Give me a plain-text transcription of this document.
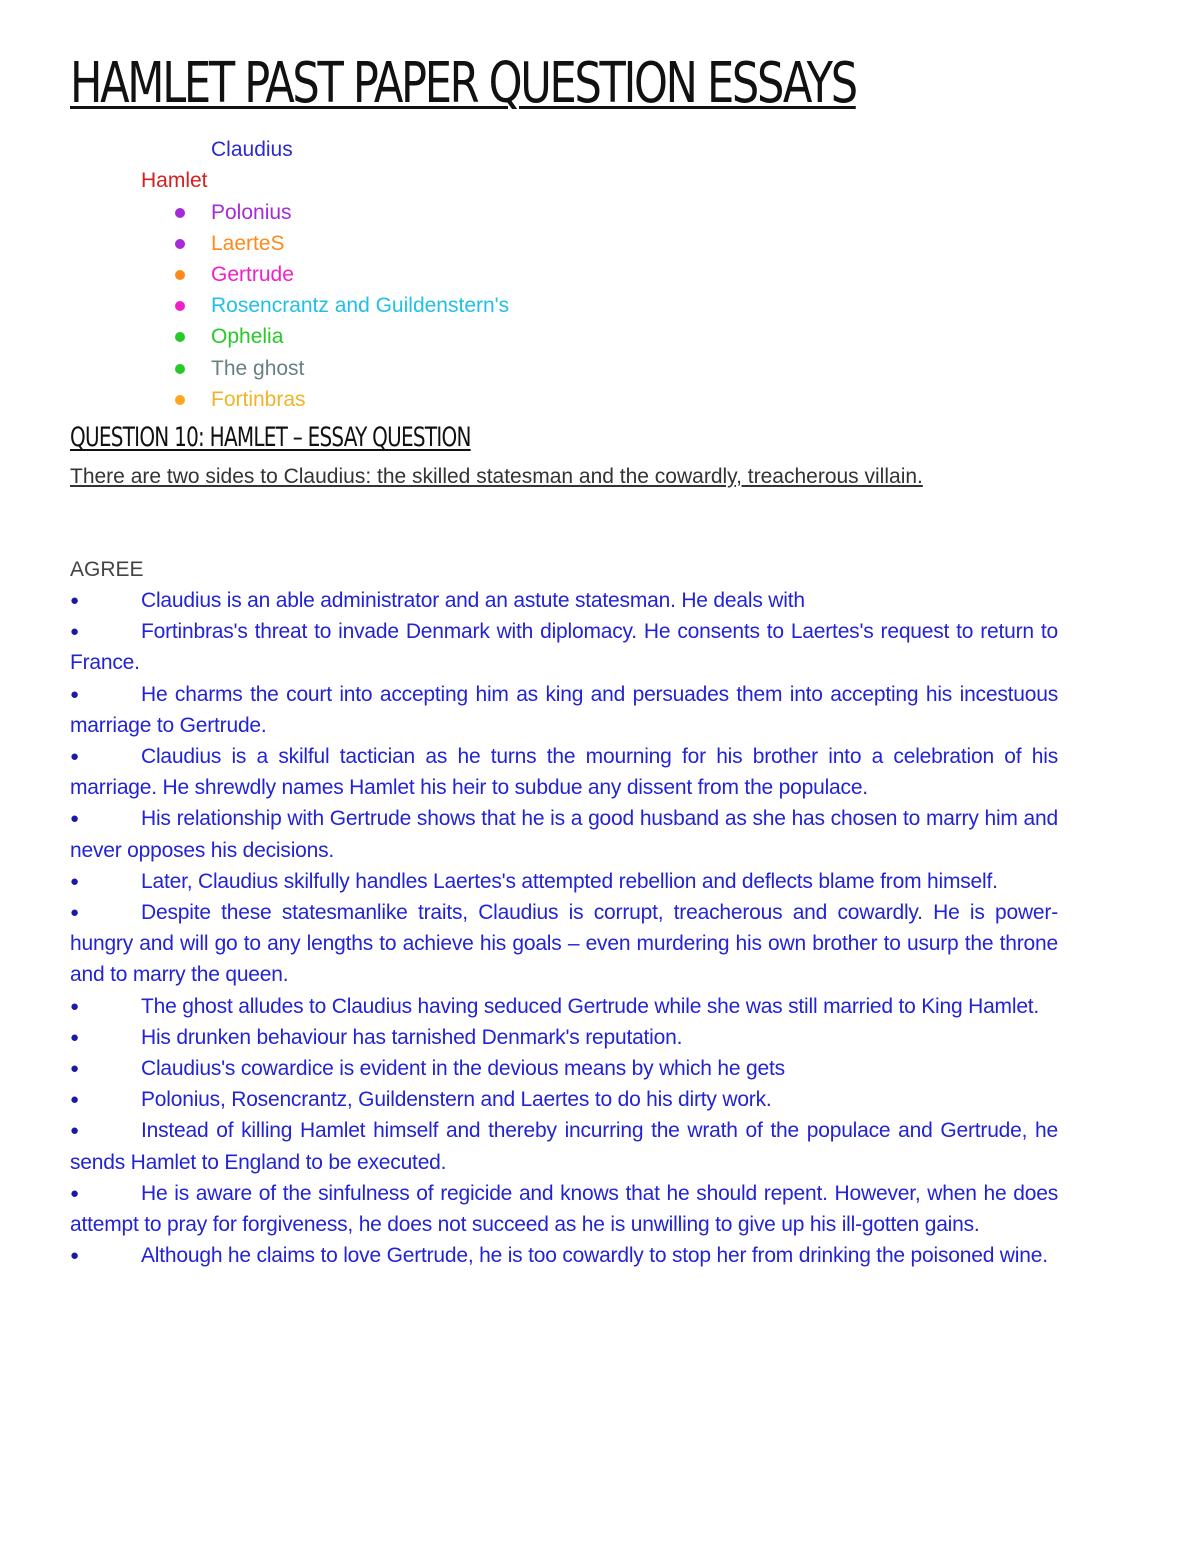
HAMLET PAST PAPER QUESTION ESSAYS
Claudius
Hamlet
Polonius
LaerteS
Gertrude
Rosencrantz and Guildenstern's
Ophelia
The ghost
Fortinbras
QUESTION 10: HAMLET – ESSAY QUESTION

There are two sides to Claudius: the skilled statesman and the cowardly, treacherous villain.

AGREE
●	Claudius is an able administrator and an astute statesman. He deals with
●	Fortinbras's threat to invade Denmark with diplomacy. He consents to Laertes's request to return to France.
●	He charms the court into accepting him as king and persuades them into accepting his incestuous marriage to Gertrude.
●	Claudius is a skilful tactician as he turns the mourning for his brother into a celebration of his marriage. He shrewdly names Hamlet his heir to subdue any dissent from the populace.
●	His relationship with Gertrude shows that he is a good husband as she has chosen to marry him and never opposes his decisions.
●	Later, Claudius skilfully handles Laertes's attempted rebellion and deflects blame from himself.
●	Despite these statesmanlike traits, Claudius is corrupt, treacherous and cowardly. He is power-hungry and will go to any lengths to achieve his goals – even murdering his own brother to usurp the throne and to marry the queen.
●	The ghost alludes to Claudius having seduced Gertrude while she was still married to King Hamlet.
●	His drunken behaviour has tarnished Denmark's reputation.
●	Claudius's cowardice is evident in the devious means by which he gets
●	Polonius, Rosencrantz, Guildenstern and Laertes to do his dirty work.
●	Instead of killing Hamlet himself and thereby incurring the wrath of the populace and Gertrude, he sends Hamlet to England to be executed.
●	He is aware of the sinfulness of regicide and knows that he should repent. However, when he does attempt to pray for forgiveness, he does not succeed as he is unwilling to give up his ill-gotten gains.
●	Although he claims to love Gertrude, he is too cowardly to stop her from drinking the poisoned wine.
